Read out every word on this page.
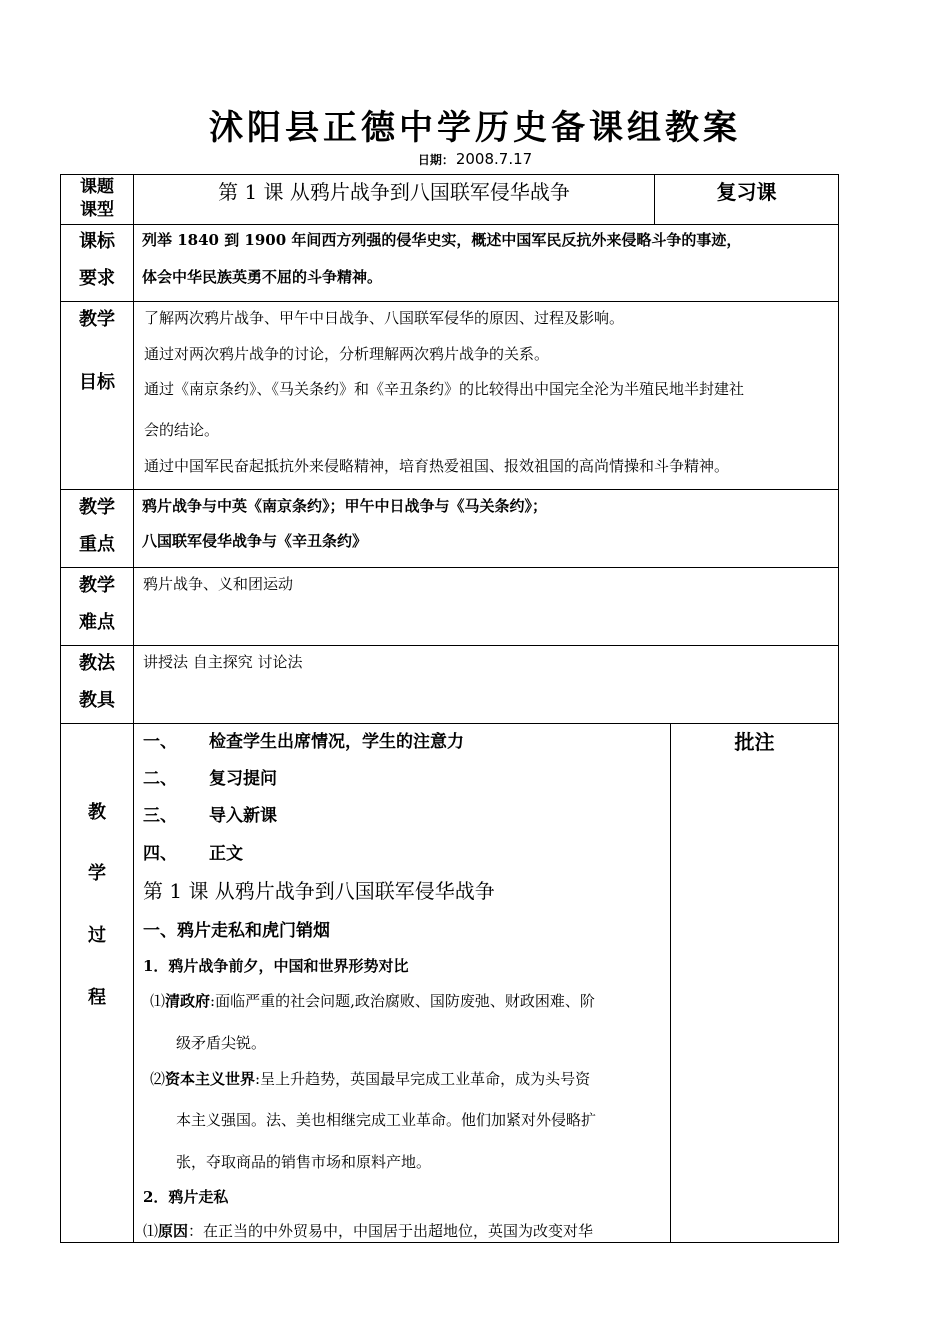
沭阳县正德中学历史备课组教案
日期： 2008.7.17
课题
课型
第 1 课 从鸦片战争到八国联军侵华战争	复习课
课标
要求
列举 1840 到 1900 年间西方列强的侵华史实，概述中国军民反抗外来侵略斗争的事迹，
体会中华民族英勇不屈的斗争精神。
教学
目标
了解两次鸦片战争、甲午中日战争、八国联军侵华的原因、过程及影响。
通过对两次鸦片战争的讨论，分析理解两次鸦片战争的关系。
通过《南京条约》、《马关条约》和《辛丑条约》的比较得出中国完全沦为半殖民地半封建社
会的结论。
通过中国军民奋起抵抗外来侵略精神，培育热爱祖国、报效祖国的高尚情操和斗争精神。
教学
重点
鸦片战争与中英《南京条约》；甲午中日战争与《马关条约》；
八国联军侵华战争与《辛丑条约》
教学
难点
鸦片战争、义和团运动
教法
教具
讲授法 自主探究 讨论法
教
学
过
程
批注
一、 检查学生出席情况，学生的注意力
二、 复习提问
三、 导入新课
四、 正文
第 1 课 从鸦片战争到八国联军侵华战争
一、鸦片走私和虎门销烟
1．鸦片战争前夕，中国和世界形势对比
⑴清政府:面临严重的社会问题,政治腐败、国防废弛、财政困难、阶
级矛盾尖锐。
⑵资本主义世界:呈上升趋势，英国最早完成工业革命，成为头号资
本主义强国。法、美也相继完成工业革命。他们加紧对外侵略扩
张，夺取商品的销售市场和原料产地。
2．鸦片走私
⑴原因：在正当的中外贸易中，中国居于出超地位，英国为改变对华
